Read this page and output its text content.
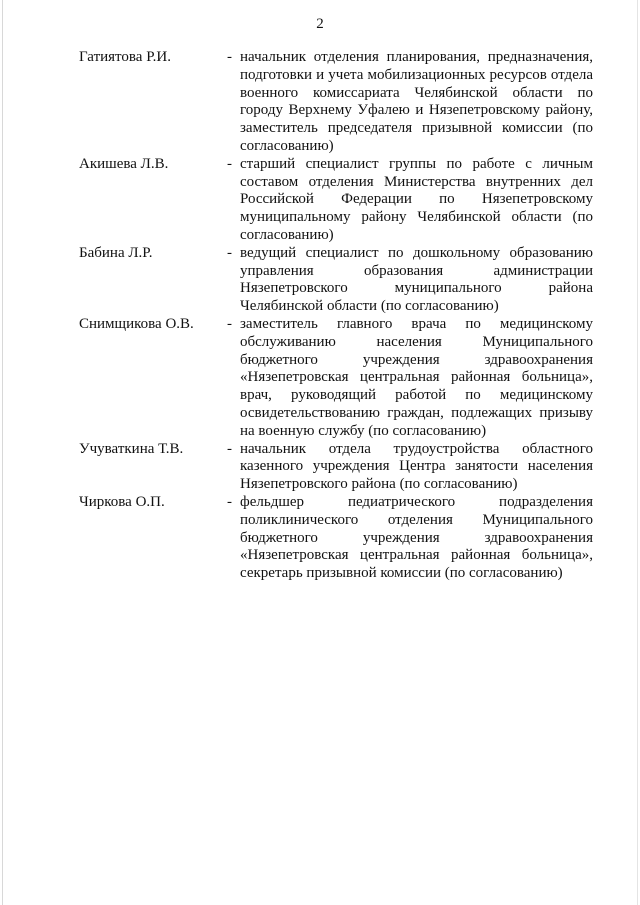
2
Гатиятова Р.И.	- начальник отделения планирования, предназначения, подготовки и учета мобилизационных ресурсов отдела военного комиссариата Челябинской области по городу Верхнему Уфалею и Нязепетровскому району, заместитель председателя призывной комиссии (по согласованию)

Акишева Л.В.	- старший специалист группы по работе с личным составом отделения Министерства внутренних дел Российской Федерации по Нязепетровскому муниципальному району Челябинской области (по согласованию)

Бабина Л.Р.	- ведущий специалист по дошкольному образованию управления образования администрации Нязепетровского муниципального района Челябинской области (по согласованию)

Снимщикова О.В.	- заместитель главного врача по медицинскому обслуживанию населения Муниципального бюджетного учреждения здравоохранения «Нязепетровская центральная районная больница», врач, руководящий работой по медицинскому освидетельствованию граждан, подлежащих призыву на военную службу (по согласованию)

Учуваткина Т.В.	- начальник отдела трудоустройства областного казенного учреждения Центра занятости населения Нязепетровского района (по согласованию)

Чиркова О.П.	- фельдшер педиатрического подразделения поликлинического отделения Муниципального бюджетного учреждения здравоохранения «Нязепетровская центральная районная больница», секретарь призывной комиссии (по согласованию)
